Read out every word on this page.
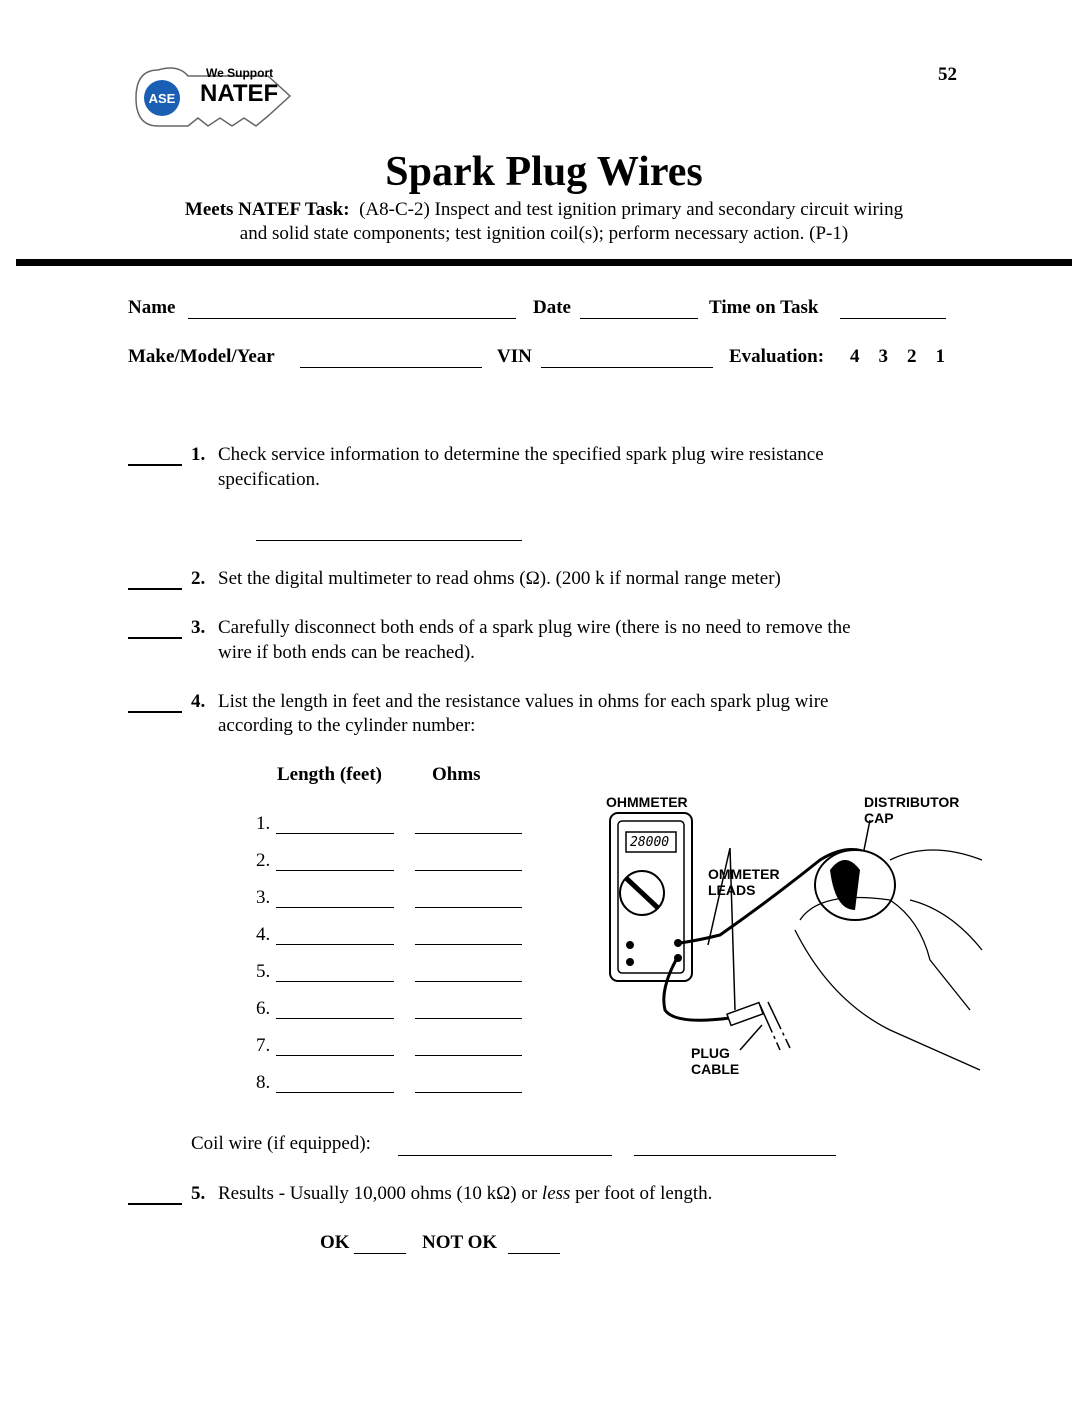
52
ASE
We Support
NATEF
Spark Plug Wires
Meets NATEF Task: (A8-C-2) Inspect and test ignition primary and secondary circuit wiring
and solid state components; test ignition coil(s); perform necessary action. (P-1)
Name	Date	Time on Task
Make/Model/Year	VIN	Evaluation: 4 3 2 1
1. Check service information to determine the specified spark plug wire resistance
specification.
2. Set the digital multimeter to read ohms (Ω). (200 k if normal range meter)
3. Carefully disconnect both ends of a spark plug wire (there is no need to remove the
wire if both ends can be reached).
4. List the length in feet and the resistance values in ohms for each spark plug wire
according to the cylinder number:
Length (feet)	Ohms
1.
2.
3.
4.
5.
6.
7.
8.
Coil wire (if equipped):
5. Results - Usually 10,000 ohms (10 kΩ) or less per foot of length.
OK	NOT OK
OHMMETER
28000
OMMETER
LEADS
DISTRIBUTOR
CAP
PLUG
CABLE
